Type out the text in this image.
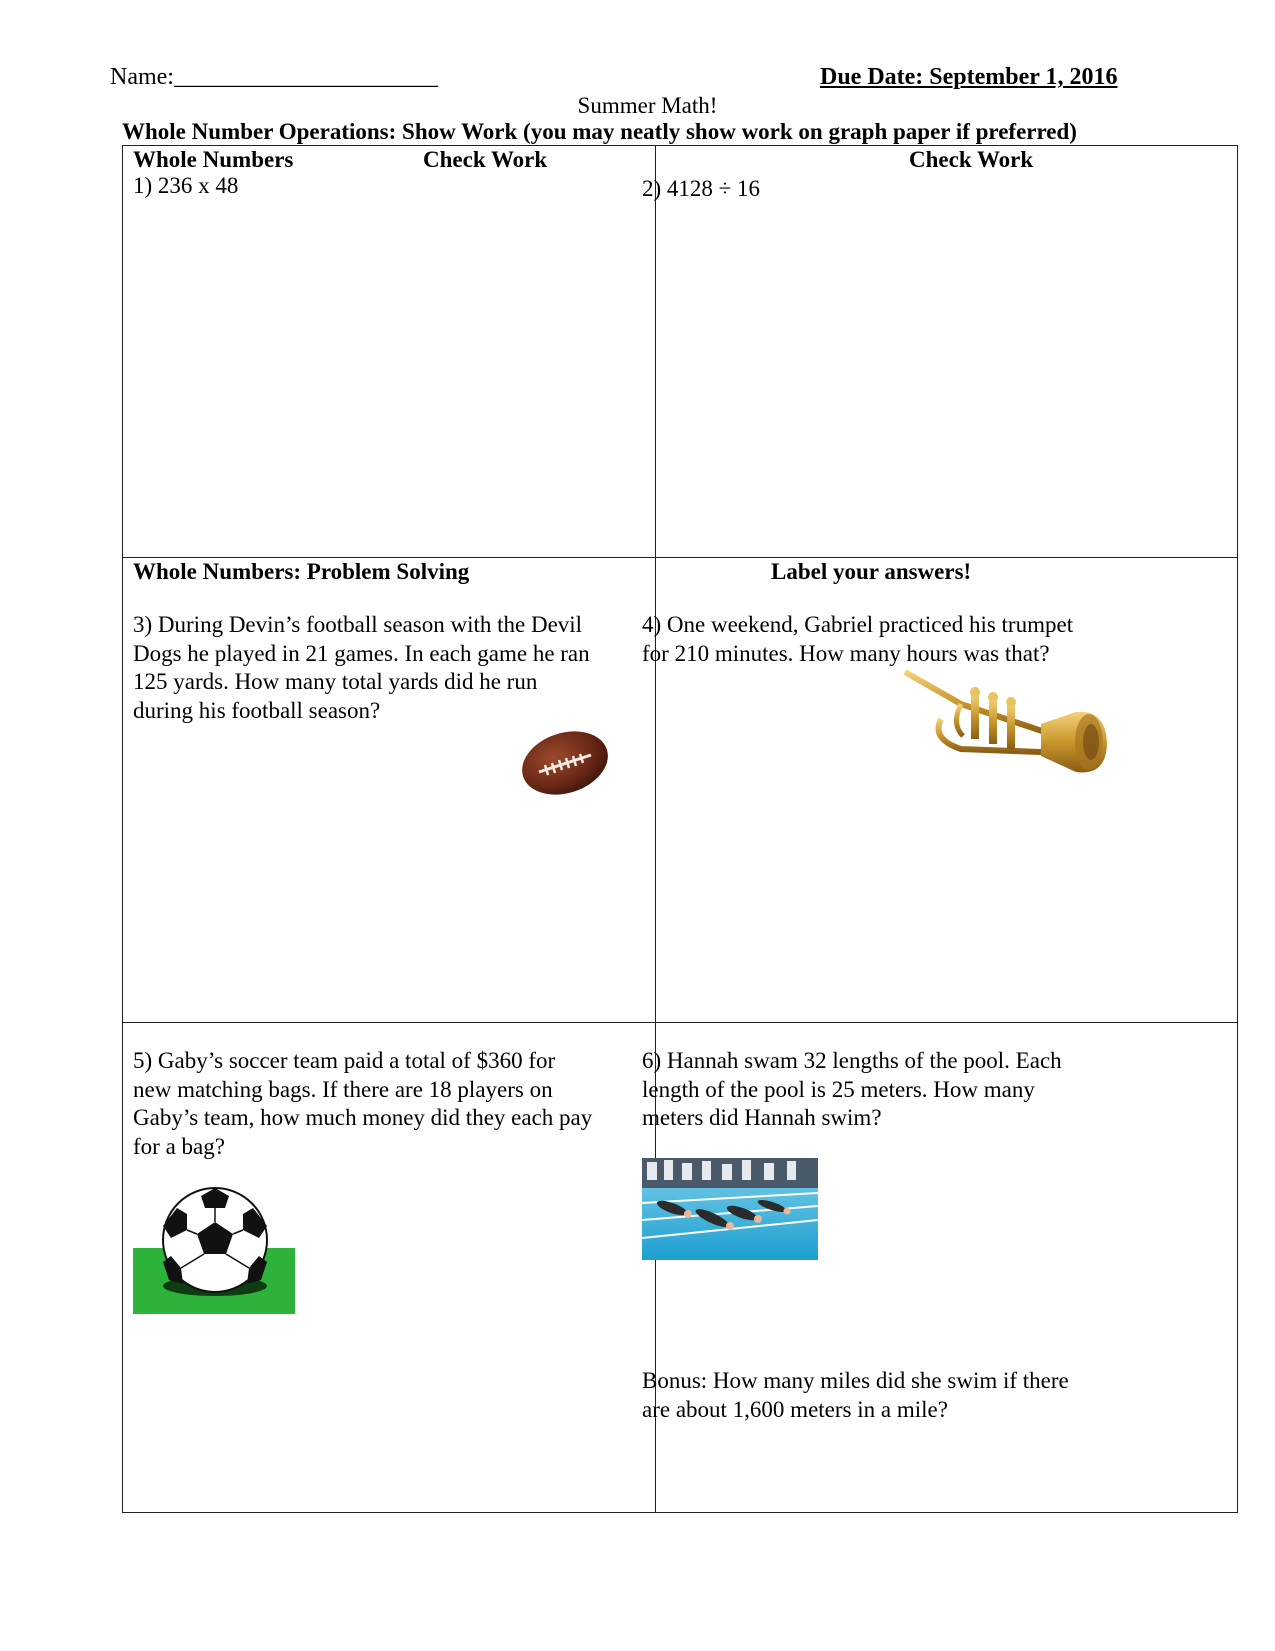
Name:______________________	Due Date: September 1, 2016
Summer Math!
Whole Number Operations: Show Work (you may neatly show work on graph paper if preferred)
Whole Numbers	Check Work	Check Work
1) 236 x 48	2) 4128 ÷ 16
Whole Numbers: Problem Solving	Label your answers!
3) During Devin’s football season with the Devil
Dogs he played in 21 games. In each game he ran
125 yards. How many total yards did he run
during his football season?
4) One weekend, Gabriel practiced his trumpet
for 210 minutes. How many hours was that?
5) Gaby’s soccer team paid a total of $360 for
new matching bags. If there are 18 players on
Gaby’s team, how much money did they each pay
for a bag?
6) Hannah swam 32 lengths of the pool. Each
length of the pool is 25 meters. How many
meters did Hannah swim?
Bonus: How many miles did she swim if there
are about 1,600 meters in a mile?
